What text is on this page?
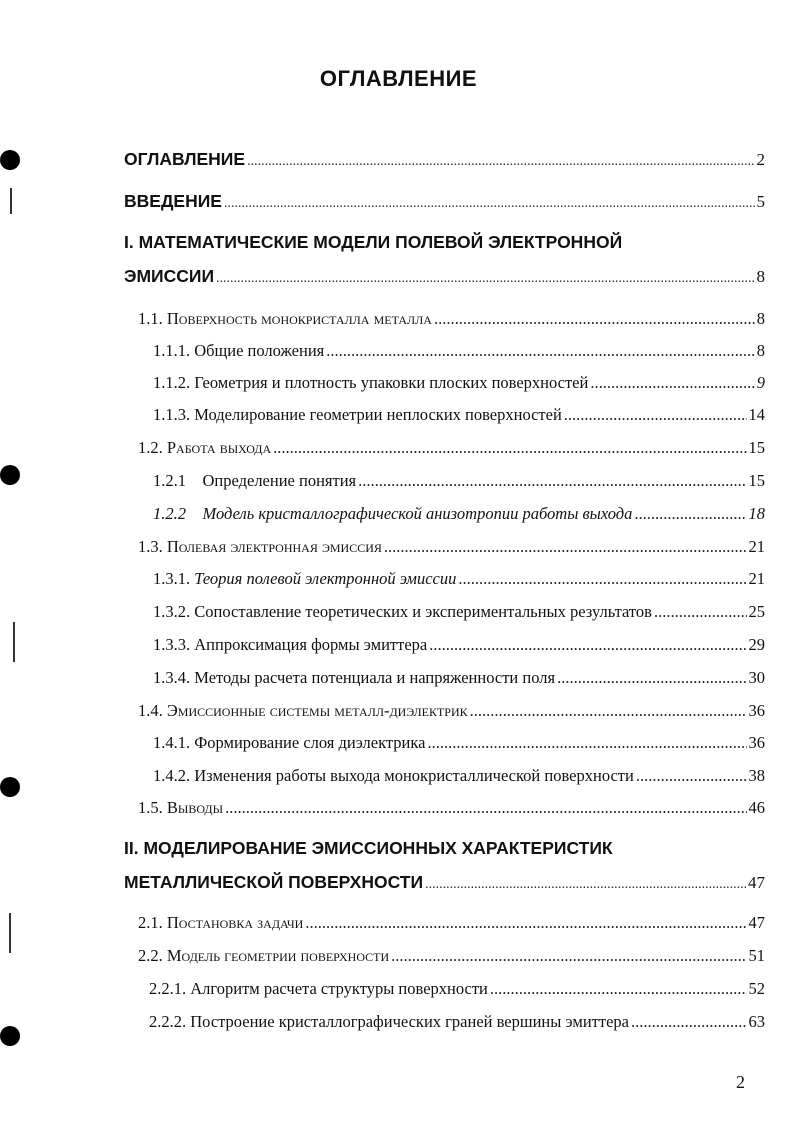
ОГЛАВЛЕНИЕ
ОГЛАВЛЕНИЕ .....	2
ВВЕДЕНИЕ .....	5
I. МАТЕМАТИЧЕСКИЕ МОДЕЛИ ПОЛЕВОЙ ЭЛЕКТРОННОЙ
ЭМИССИИ .....	8
1.1. Поверхность монокристалла металла .....	8
1.1.1. Общие положения .....	8
1.1.2. Геометрия и плотность упаковки плоских поверхностей .....	9
1.1.3. Моделирование геометрии неплоских поверхностей .....	14
1.2. Работа выхода .....	15
1.2.1 Определение понятия .....	15
1.2.2 Модель кристаллографической анизотропии работы выхода .....	18
1.3. Полевая электронная эмиссия .....	21
1.3.1. Теория полевой электронной эмиссии .....	21
1.3.2. Сопоставление теоретических и экспериментальных результатов .....	25
1.3.3. Аппроксимация формы эмиттера .....	29
1.3.4. Методы расчета потенциала и напряженности поля .....	30
1.4. Эмиссионные системы металл-диэлектрик .....	36
1.4.1. Формирование слоя диэлектрика .....	36
1.4.2. Изменения работы выхода монокристаллической поверхности .....	38
1.5. Выводы .....	46
II. МОДЕЛИРОВАНИЕ ЭМИССИОННЫХ ХАРАКТЕРИСТИК
МЕТАЛЛИЧЕСКОЙ ПОВЕРХНОСТИ .....	47
2.1. Постановка задачи .....	47
2.2. Модель геометрии поверхности .....	51
2.2.1. Алгоритм расчета структуры поверхности .....	52
2.2.2. Построение кристаллографических граней вершины эмиттера .....	63
2
